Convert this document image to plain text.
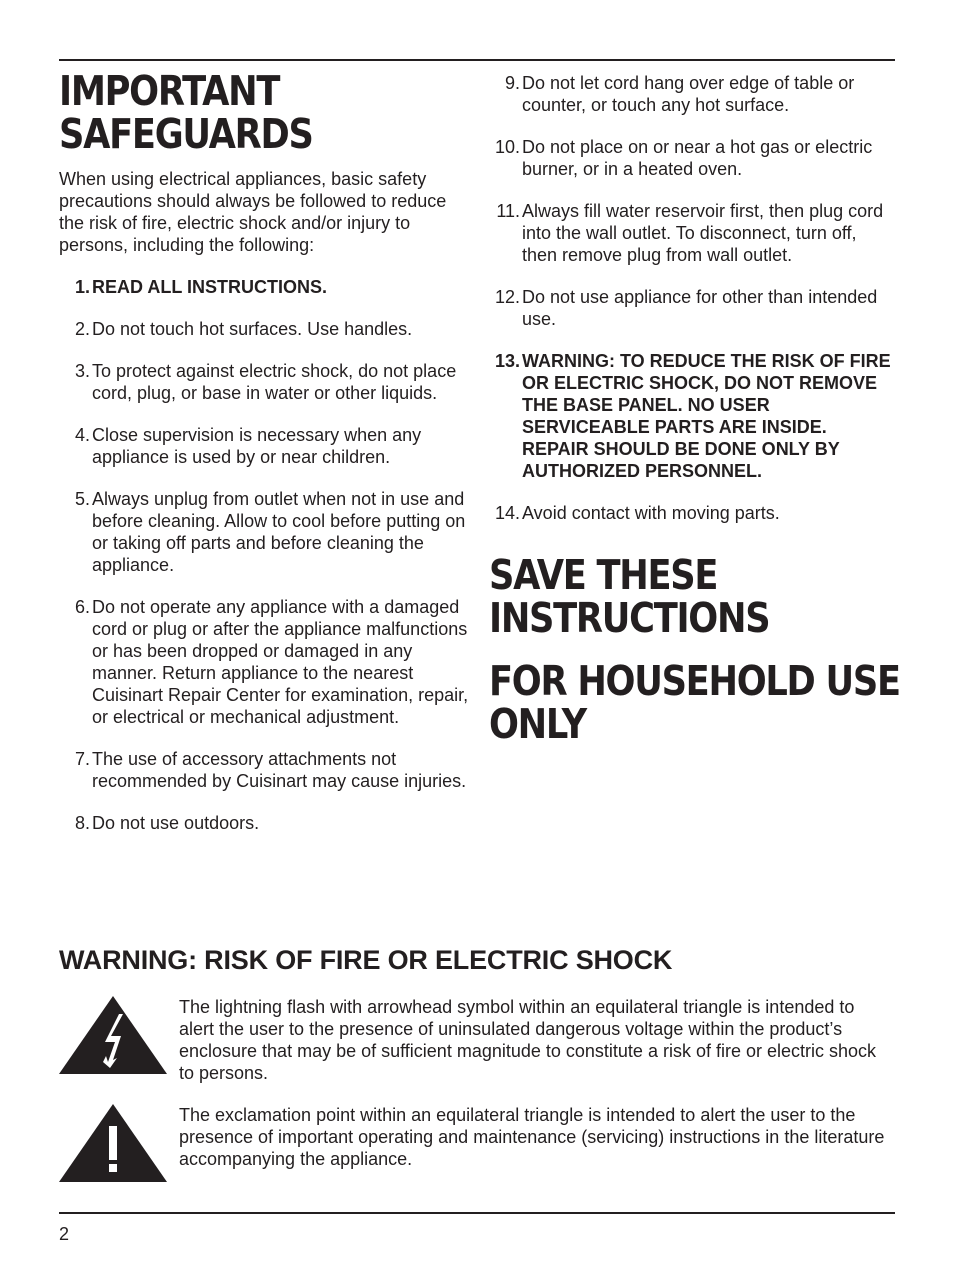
IMPORTANT
SAFEGUARDS

When using electrical appliances, basic safety precautions should always be followed to reduce the risk of fire, electric shock and/or injury to persons, including the following:

1. READ ALL INSTRUCTIONS.
2. Do not touch hot surfaces. Use handles.
3. To protect against electric shock, do not place cord, plug, or base in water or other liquids.
4. Close supervision is necessary when any appliance is used by or near children.
5. Always unplug from outlet when not in use and before cleaning. Allow to cool before putting on or taking off parts and before cleaning the appliance.
6. Do not operate any appliance with a damaged cord or plug or after the appliance malfunctions or has been dropped or damaged in any manner. Return appliance to the nearest Cuisinart Repair Center for examination, repair, or electrical or mechanical adjustment.
7. The use of accessory attachments not recommended by Cuisinart may cause injuries.
8. Do not use outdoors.
9. Do not let cord hang over edge of table or counter, or touch any hot surface.
10. Do not place on or near a hot gas or electric burner, or in a heated oven.
11. Always fill water reservoir first, then plug cord into the wall outlet. To disconnect, turn off, then remove plug from wall outlet.
12. Do not use appliance for other than intended use.
13. WARNING: TO REDUCE THE RISK OF FIRE OR ELECTRIC SHOCK, DO NOT REMOVE THE BASE PANEL. NO USER SERVICEABLE PARTS ARE INSIDE. REPAIR SHOULD BE DONE ONLY BY AUTHORIZED PERSONNEL.
14. Avoid contact with moving parts.
SAVE THESE
INSTRUCTIONS
FOR HOUSEHOLD USE
ONLY
WARNING: RISK OF FIRE OR ELECTRIC SHOCK

The lightning flash with arrowhead symbol within an equilateral triangle is intended to alert the user to the presence of uninsulated dangerous voltage within the product’s enclosure that may be of sufficient magnitude to constitute a risk of fire or electric shock to persons.

The exclamation point within an equilateral triangle is intended to alert the user to the presence of important operating and maintenance (servicing) instructions in the literature accompanying the appliance.

2
